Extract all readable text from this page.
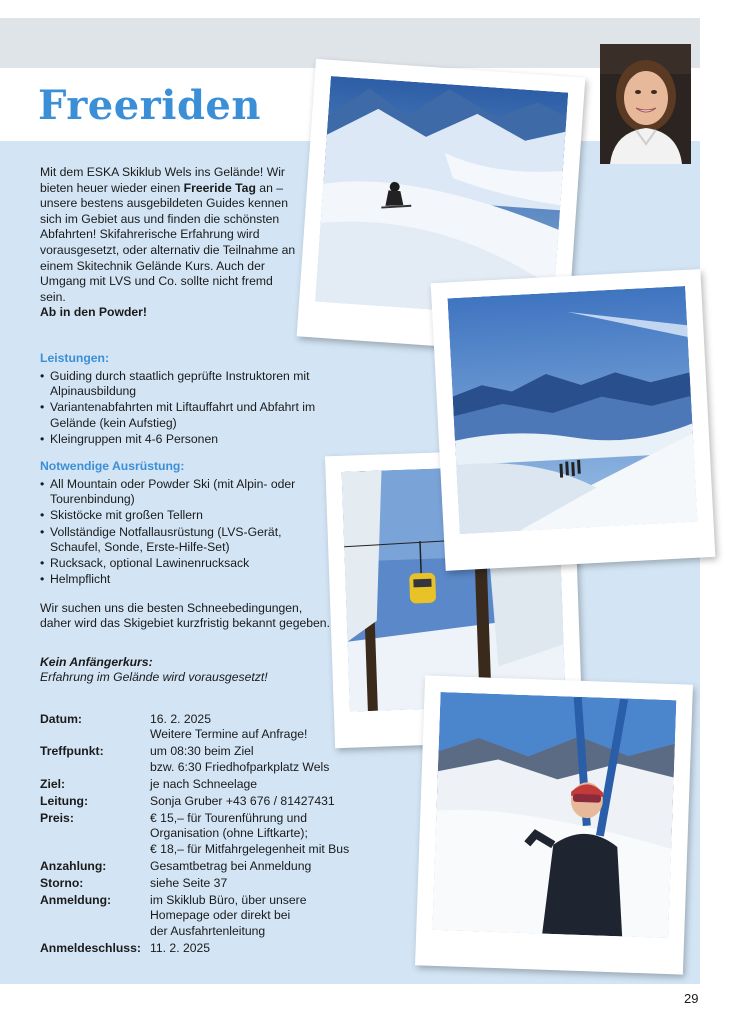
Freeriden

Mit dem ESKA Skiklub Wels ins Gelände! Wir bieten heuer wieder einen Freeride Tag an – unsere bestens ausgebildeten Guides kennen sich im Gebiet aus und finden die schönsten Abfahrten! Skifahrerische Erfahrung wird vorausgesetzt, oder alternativ die Teilnahme an einem Skitechnik Gelände Kurs. Auch der Umgang mit LVS und Co. sollte nicht fremd sein.
Ab in den Powder!

Leistungen:

• Guiding durch staatlich geprüfte Instruktoren mit Alpinausbildung
• Variantenabfahrten mit Liftauffahrt und Abfahrt im Gelände (kein Aufstieg)
• Kleingruppen mit 4-6 Personen

Notwendige Ausrüstung:

• All Mountain oder Powder Ski (mit Alpin- oder Tourenbindung)
• Skistöcke mit großen Tellern
• Vollständige Notfallausrüstung (LVS-Gerät, Schaufel, Sonde, Erste-Hilfe-Set)
• Rucksack, optional Lawinenrucksack
• Helmpflicht

Wir suchen uns die besten Schneebedingungen, daher wird das Skigebiet kurzfristig bekannt gegeben.

Kein Anfängerkurs:

Erfahrung im Gelände wird vorausgesetzt!

Datum:	16. 2. 2025
Weitere Termine auf Anfrage!
Treffpunkt:	um 08:30 beim Ziel
bzw. 6:30 Friedhofparkplatz Wels
Ziel:	je nach Schneelage
Leitung:	Sonja Gruber +43 676 / 81427431
Preis:	€ 15,– für Tourenführung und
Organisation (ohne Liftkarte);
€ 18,– für Mitfahrgelegenheit mit Bus
Anzahlung:	Gesamtbetrag bei Anmeldung
Storno:	siehe Seite 37
Anmeldung:	im Skiklub Büro, über unsere
Homepage oder direkt bei
der Ausfahrtenleitung
Anmeldeschluss: 11. 2. 2025

29
